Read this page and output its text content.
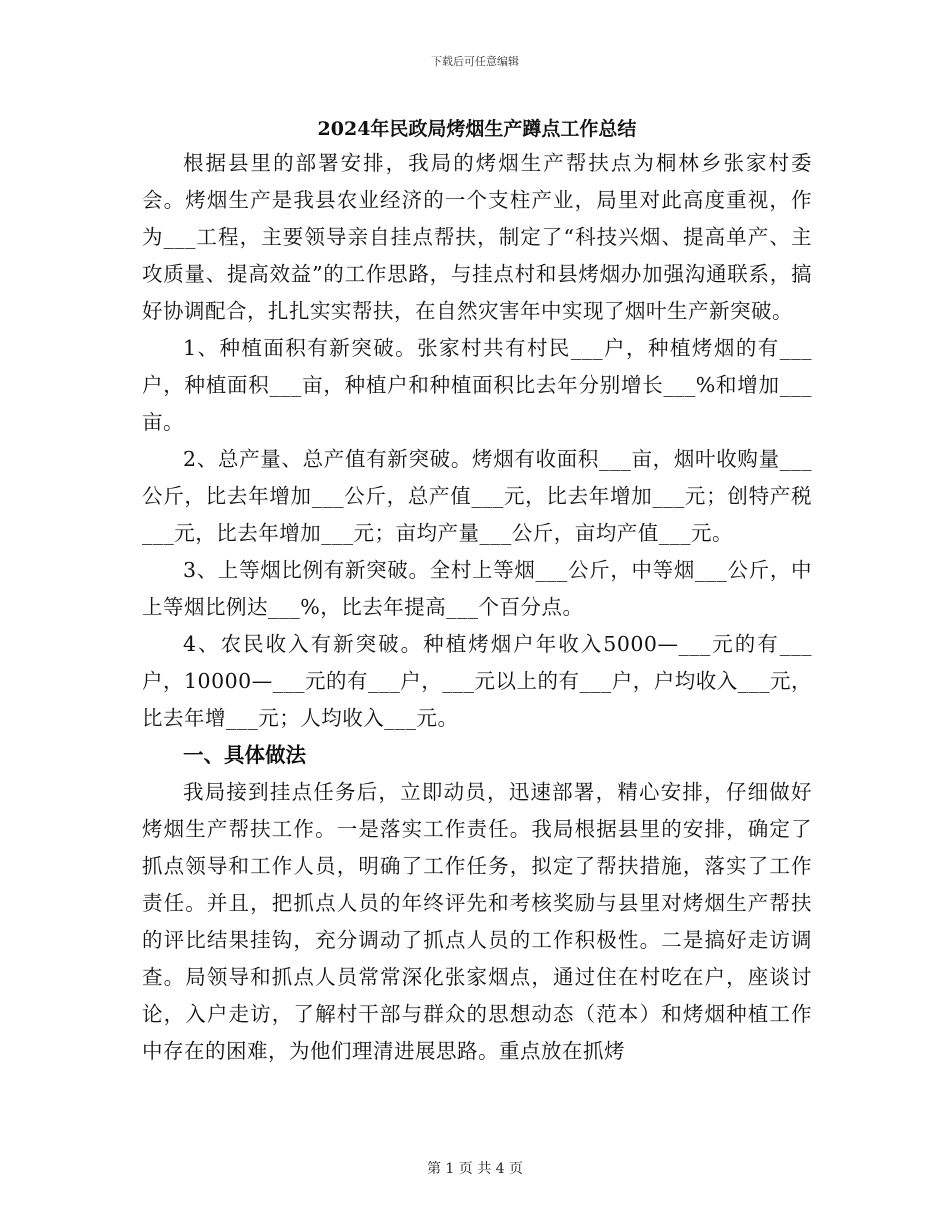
下载后可任意编辑
2024年民政局烤烟生产蹲点工作总结

根据县里的部署安排，我局的烤烟生产帮扶点为桐林乡张家村委会。烤烟生产是我县农业经济的一个支柱产业，局里对此高度重视，作为___工程，主要领导亲自挂点帮扶，制定了“科技兴烟、提高单产、主攻质量、提高效益”的工作思路，与挂点村和县烤烟办加强沟通联系，搞好协调配合，扎扎实实帮扶，在自然灾害年中实现了烟叶生产新突破。

1、种植面积有新突破。张家村共有村民___户，种植烤烟的有___户，种植面积___亩，种植户和种植面积比去年分别增长___%和增加___亩。

2、总产量、总产值有新突破。烤烟有收面积___亩，烟叶收购量___公斤，比去年增加___公斤，总产值___元，比去年增加___元；创特产税___元，比去年增加___元；亩均产量___公斤，亩均产值___元。

3、上等烟比例有新突破。全村上等烟___公斤，中等烟___公斤，中上等烟比例达___%，比去年提高___个百分点。

4、农民收入有新突破。种植烤烟户年收入5000—___元的有___户，10000—___元的有___户，___元以上的有___户，户均收入___元，比去年增___元；人均收入___元。

一、具体做法

我局接到挂点任务后，立即动员，迅速部署，精心安排，仔细做好烤烟生产帮扶工作。一是落实工作责任。我局根据县里的安排，确定了抓点领导和工作人员，明确了工作任务，拟定了帮扶措施，落实了工作责任。并且，把抓点人员的年终评先和考核奖励与县里对烤烟生产帮扶的评比结果挂钩，充分调动了抓点人员的工作积极性。二是搞好走访调查。局领导和抓点人员常常深化张家烟点，通过住在村吃在户，座谈讨论，入户走访，了解村干部与群众的思想动态（范本）和烤烟种植工作中存在的困难，为他们理清进展思路。重点放在抓烤

第 1 页 共 4 页
